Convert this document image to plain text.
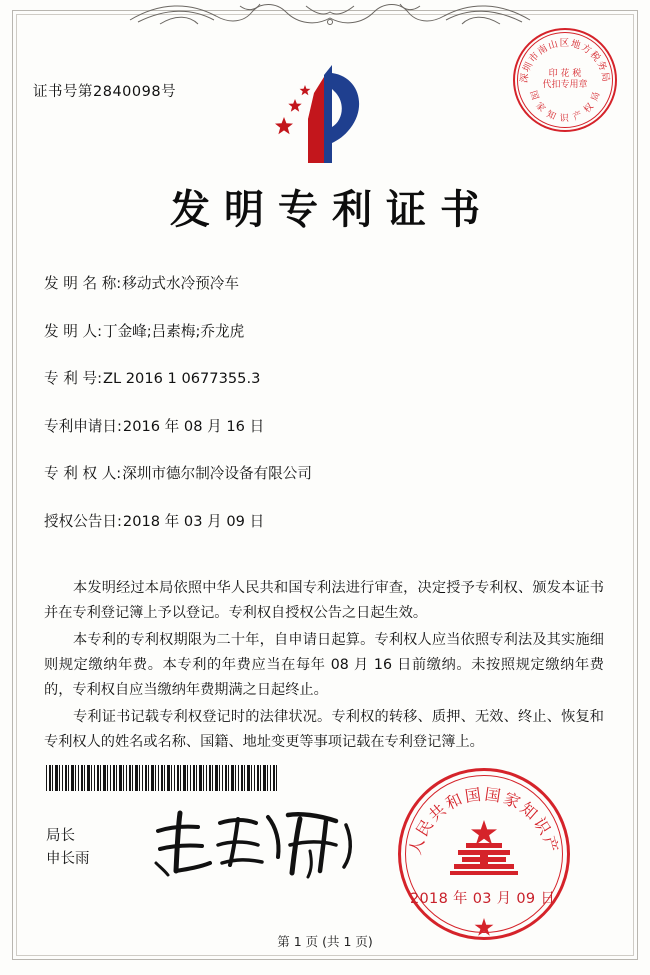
证书号第2840098号
深圳市南山区地方税务局
国 家 知 识 产 权 局
印 花 税
代扣专用章
发明专利证书
发 明 名 称 : 移动式水冷预冷车
发 明 人 : 丁金峰;吕素梅;乔龙虎
专 利 号 : ZL 2016 1 0677355.3
专利申请日 : 2016 年 08 月 16 日
专 利 权 人 : 深圳市德尔制冷设备有限公司
授权公告日 : 2018 年 03 月 09 日

本发明经过本局依照中华人民共和国专利法进行审查，决定授予专利权、颁发本证书并在专利登记簿上予以登记。专利权自授权公告之日起生效。

本专利的专利权期限为二十年，自申请日起算。专利权人应当依照专利法及其实施细则规定缴纳年费。本专利的年费应当在每年 08 月 16 日前缴纳。未按照规定缴纳年费的，专利权自应当缴纳年费期满之日起终止。

专利证书记载专利权登记时的法律状况。专利权的转移、质押、无效、终止、恢复和专利权人的姓名或名称、国籍、地址变更等事项记载在专利登记簿上。

局长
申长雨
中华人民共和国国家知识产权局
2018 年 03 月 09 日
第 1 页 (共 1 页)
